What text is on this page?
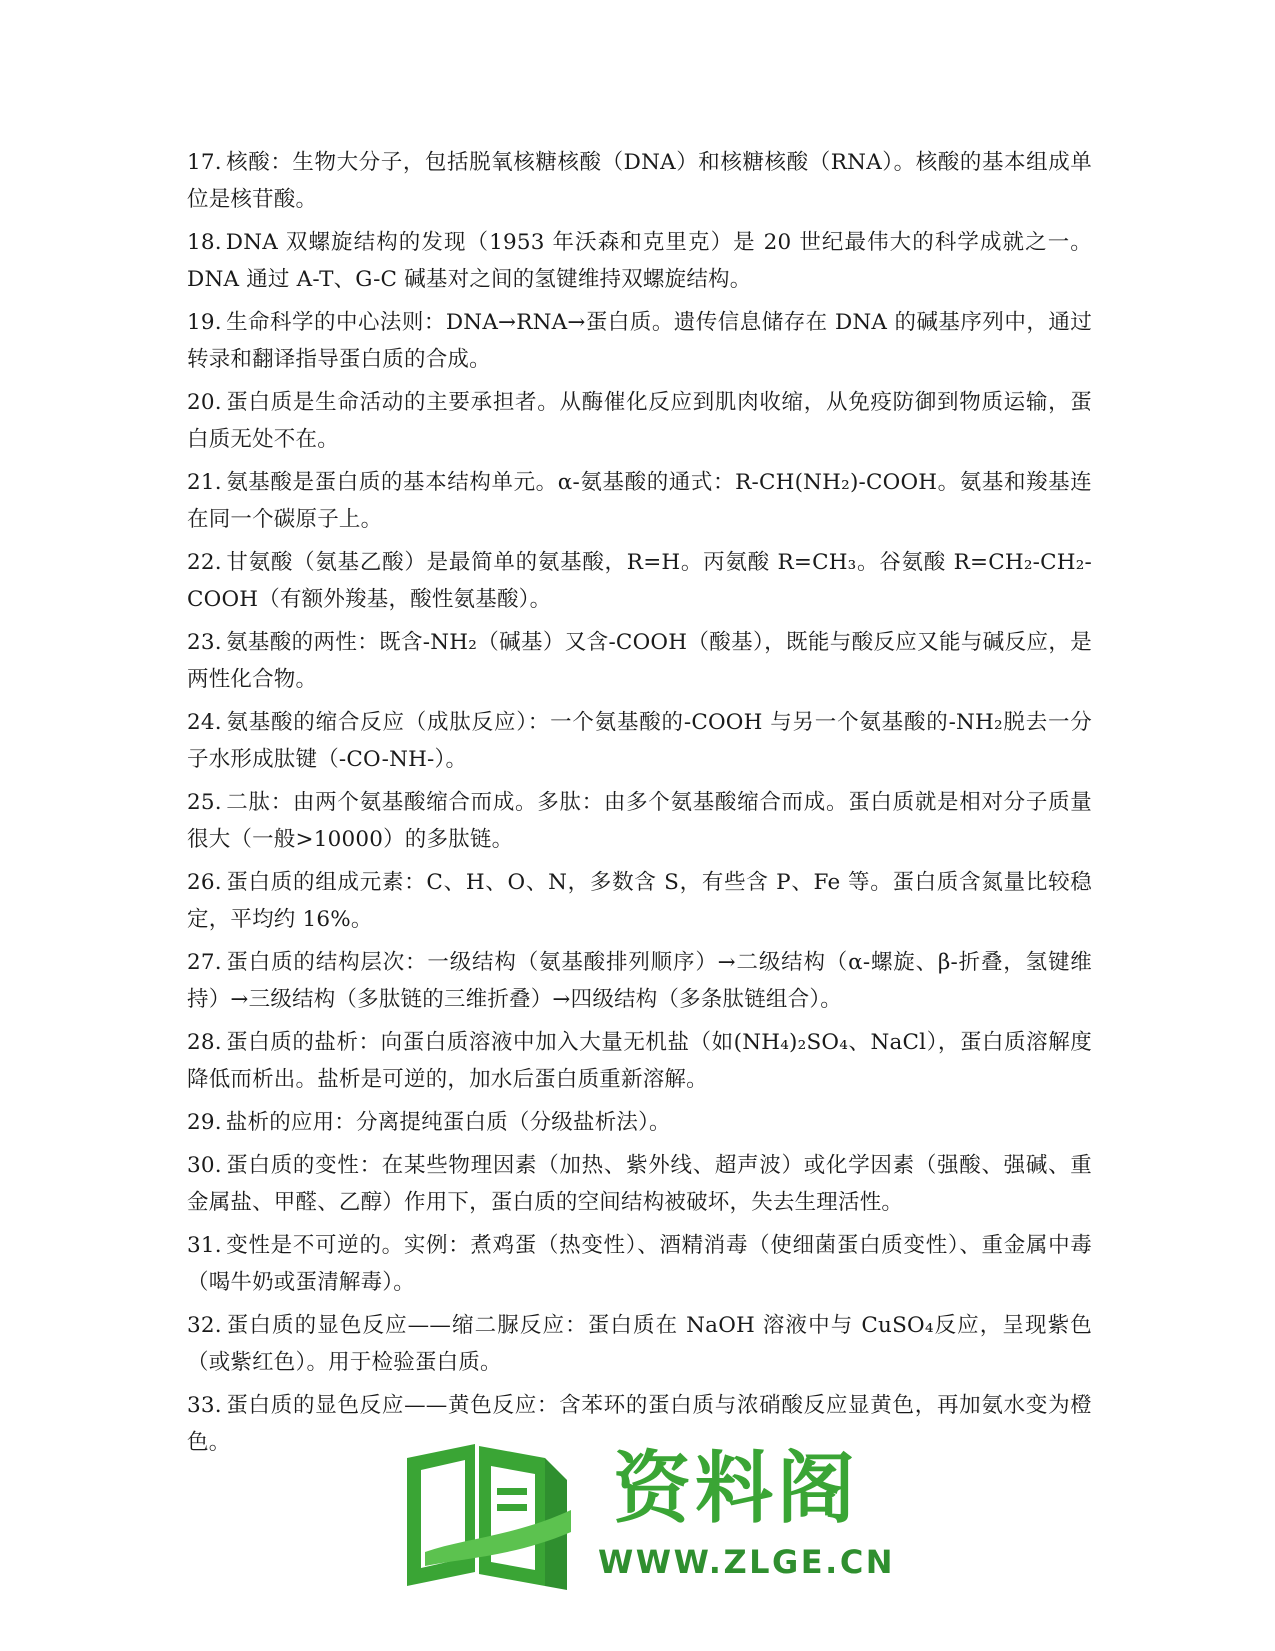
17. 核酸：生物大分子，包括脱氧核糖核酸（DNA）和核糖核酸（RNA）。核酸的基本组成单位是核苷酸。

18. DNA 双螺旋结构的发现（1953 年沃森和克里克）是 20 世纪最伟大的科学成就之一。DNA 通过 A-T、G-C 碱基对之间的氢键维持双螺旋结构。

19. 生命科学的中心法则：DNA→RNA→蛋白质。遗传信息储存在 DNA 的碱基序列中，通过转录和翻译指导蛋白质的合成。

20. 蛋白质是生命活动的主要承担者。从酶催化反应到肌肉收缩，从免疫防御到物质运输，蛋白质无处不在。

21. 氨基酸是蛋白质的基本结构单元。α-氨基酸的通式：R-CH(NH₂)-COOH。氨基和羧基连在同一个碳原子上。

22. 甘氨酸（氨基乙酸）是最简单的氨基酸，R=H。丙氨酸 R=CH₃。谷氨酸 R=CH₂-CH₂-COOH（有额外羧基，酸性氨基酸）。

23. 氨基酸的两性：既含-NH₂（碱基）又含-COOH（酸基），既能与酸反应又能与碱反应，是两性化合物。

24. 氨基酸的缩合反应（成肽反应）：一个氨基酸的-COOH 与另一个氨基酸的-NH₂脱去一分子水形成肽键（-CO-NH-）。

25. 二肽：由两个氨基酸缩合而成。多肽：由多个氨基酸缩合而成。蛋白质就是相对分子质量很大（一般>10000）的多肽链。

26. 蛋白质的组成元素：C、H、O、N，多数含 S，有些含 P、Fe 等。蛋白质含氮量比较稳定，平均约 16%。

27. 蛋白质的结构层次：一级结构（氨基酸排列顺序）→二级结构（α-螺旋、β-折叠，氢键维持）→三级结构（多肽链的三维折叠）→四级结构（多条肽链组合）。

28. 蛋白质的盐析：向蛋白质溶液中加入大量无机盐（如(NH₄)₂SO₄、NaCl），蛋白质溶解度降低而析出。盐析是可逆的，加水后蛋白质重新溶解。

29. 盐析的应用：分离提纯蛋白质（分级盐析法）。

30. 蛋白质的变性：在某些物理因素（加热、紫外线、超声波）或化学因素（强酸、强碱、重金属盐、甲醛、乙醇）作用下，蛋白质的空间结构被破坏，失去生理活性。

31. 变性是不可逆的。实例：煮鸡蛋（热变性）、酒精消毒（使细菌蛋白质变性）、重金属中毒（喝牛奶或蛋清解毒）。

32. 蛋白质的显色反应——缩二脲反应：蛋白质在 NaOH 溶液中与 CuSO₄反应，呈现紫色（或紫红色）。用于检验蛋白质。

33. 蛋白质的显色反应——黄色反应：含苯环的蛋白质与浓硝酸反应显黄色，再加氨水变为橙色。

资料阁
WWW.ZLGE.CN
